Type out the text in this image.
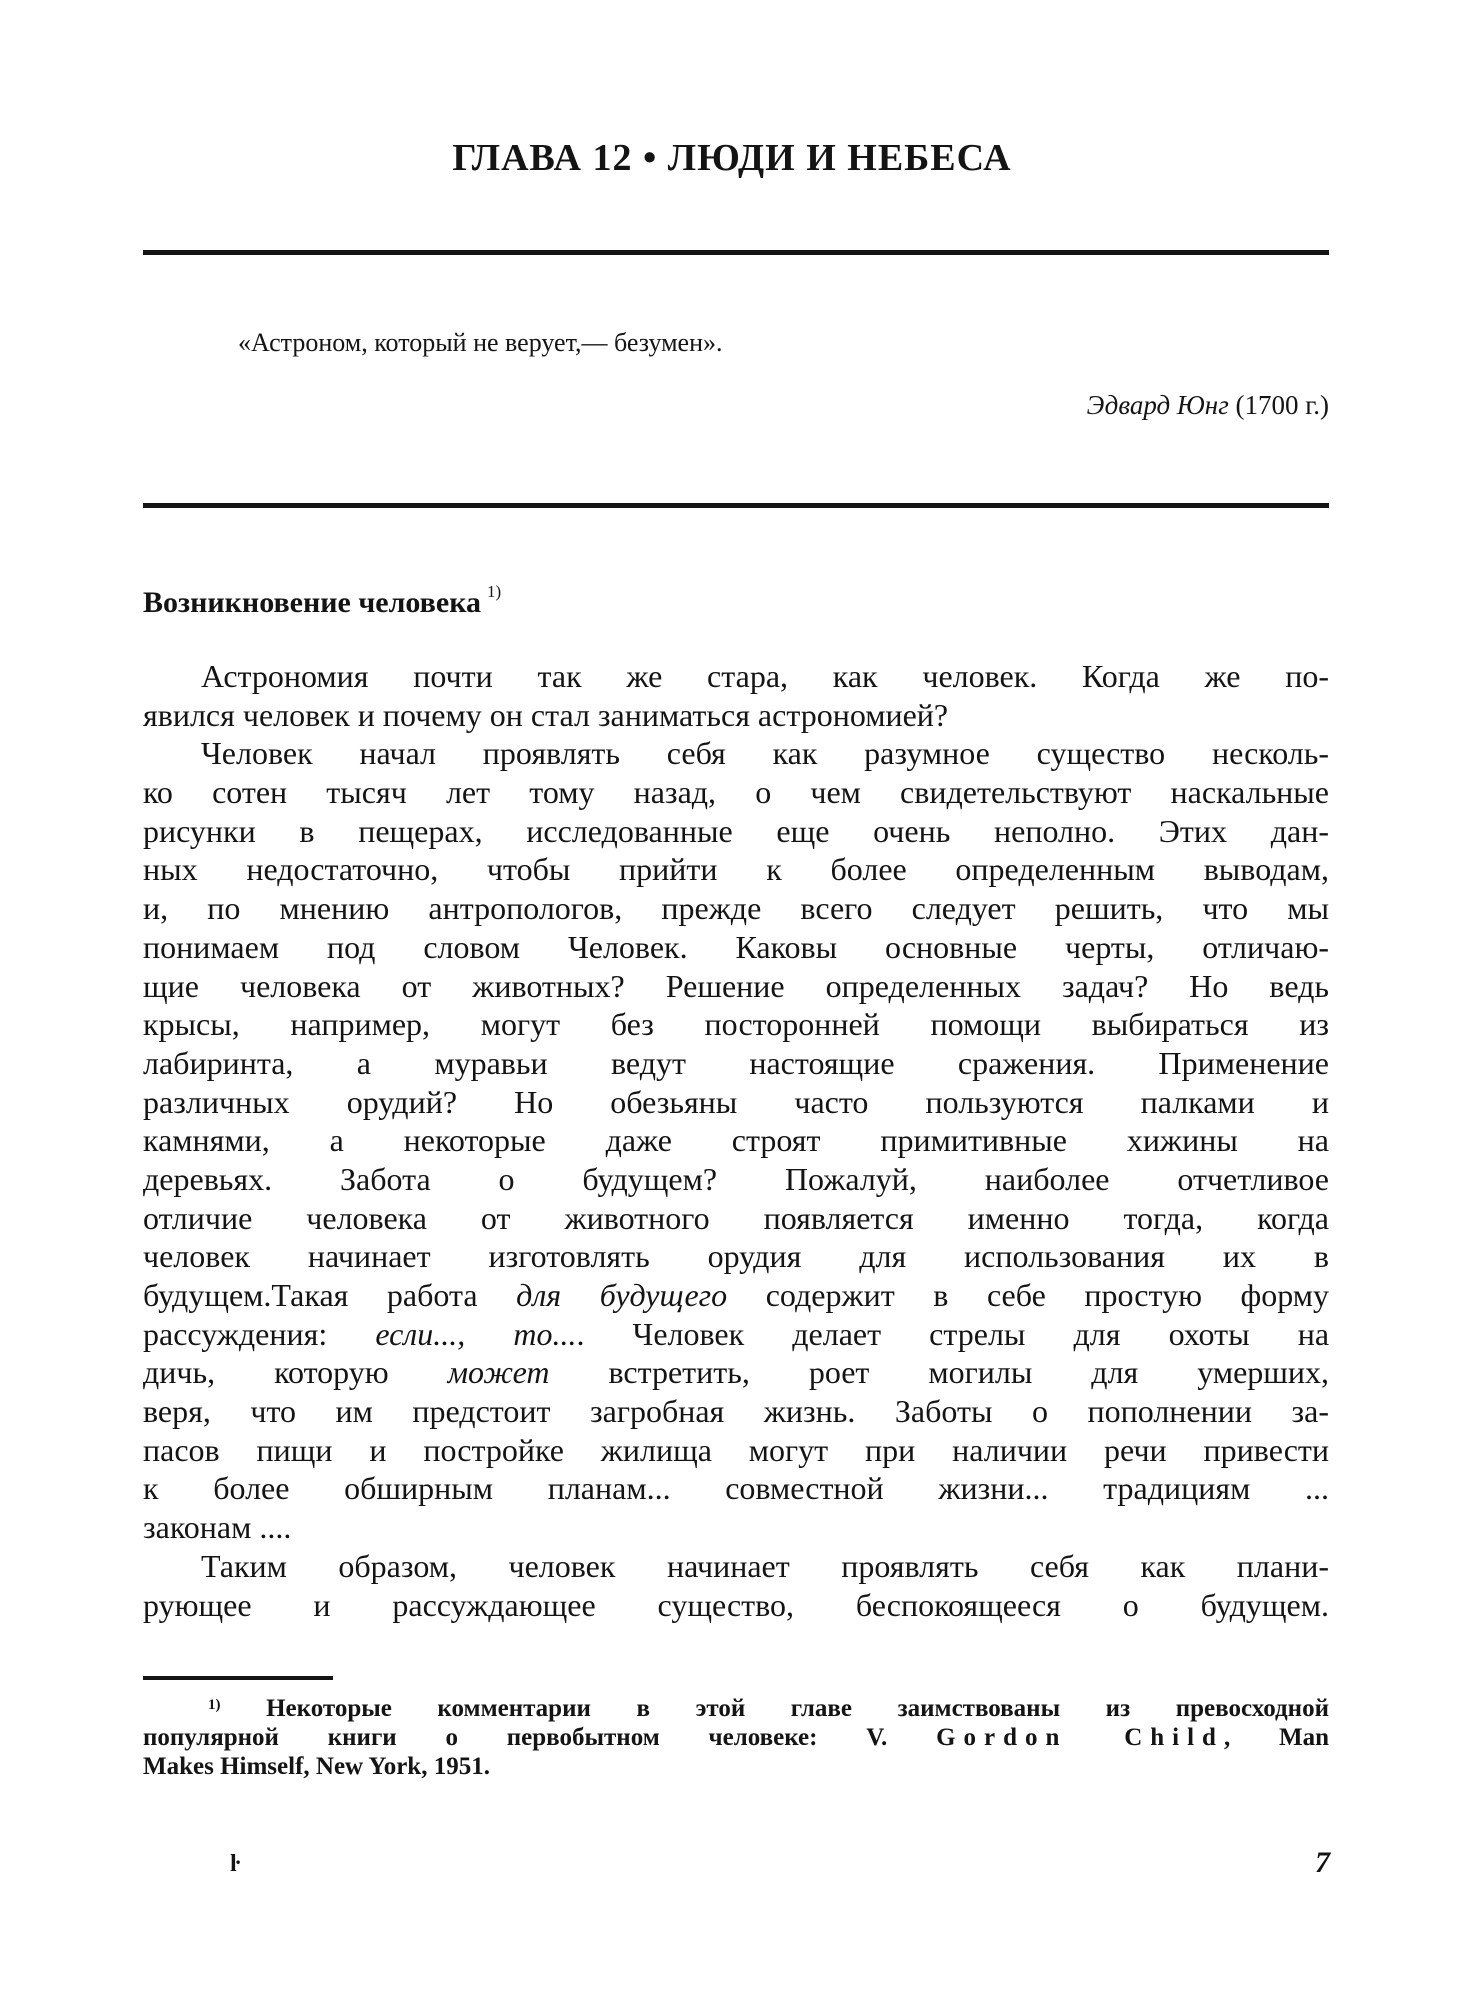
ГЛАВА 12 • ЛЮДИ И НЕБЕСА
«Астроном, который не верует,— безумен».
Эдвард Юнг (1700 г.)
Возникновение человека $^{1)}$
Астрономия почти так же стара, как человек. Когда же по-
явился человек и почему он стал заниматься астрономией?
Человек начал проявлять себя как разумное существо несколь-
ко сотен тысяч лет тому назад, о чем свидетельствуют наскальные
рисунки в пещерах, исследованные еще очень неполно. Этих дан-
ных недостаточно, чтобы прийти к более определенным выводам,
и, по мнению антропологов, прежде всего следует решить, что мы
понимаем под словом Человек. Каковы основные черты, отличаю-
щие человека от животных? Решение определенных задач? Но ведь
крысы, например, могут без посторонней помощи выбираться из
лабиринта, а муравьи ведут настоящие сражения. Применение
различных орудий? Но обезьяны часто пользуются палками и
камнями, а некоторые даже строят примитивные хижины на
деревьях. Забота о будущем? Пожалуй, наиболее отчетливое
отличие человека от животного появляется именно тогда, когда
человек начинает изготовлять орудия для использования их в
будущем.Такая работа для будущего содержит в себе простую форму
рассуждения: если..., то.... Человек делает стрелы для охоты на
дичь, которую может встретить, роет могилы для умерших,
веря, что им предстоит загробная жизнь. Заботы о пополнении за-
пасов пищи и постройке жилища могут при наличии речи привести
к более обширным планам... совместной жизни... традициям ...
законам ....
Таким образом, человек начинает проявлять себя как плани-
рующее и рассуждающее существо, беспокоящееся о будущем.
$^{1)}$ Некоторые комментарии в этой главе заимствованы из превосходной
популярной книги о первобытном человеке: V. Gordon Child, Man
Makes Himself, New York, 1951.
ŀ	7
